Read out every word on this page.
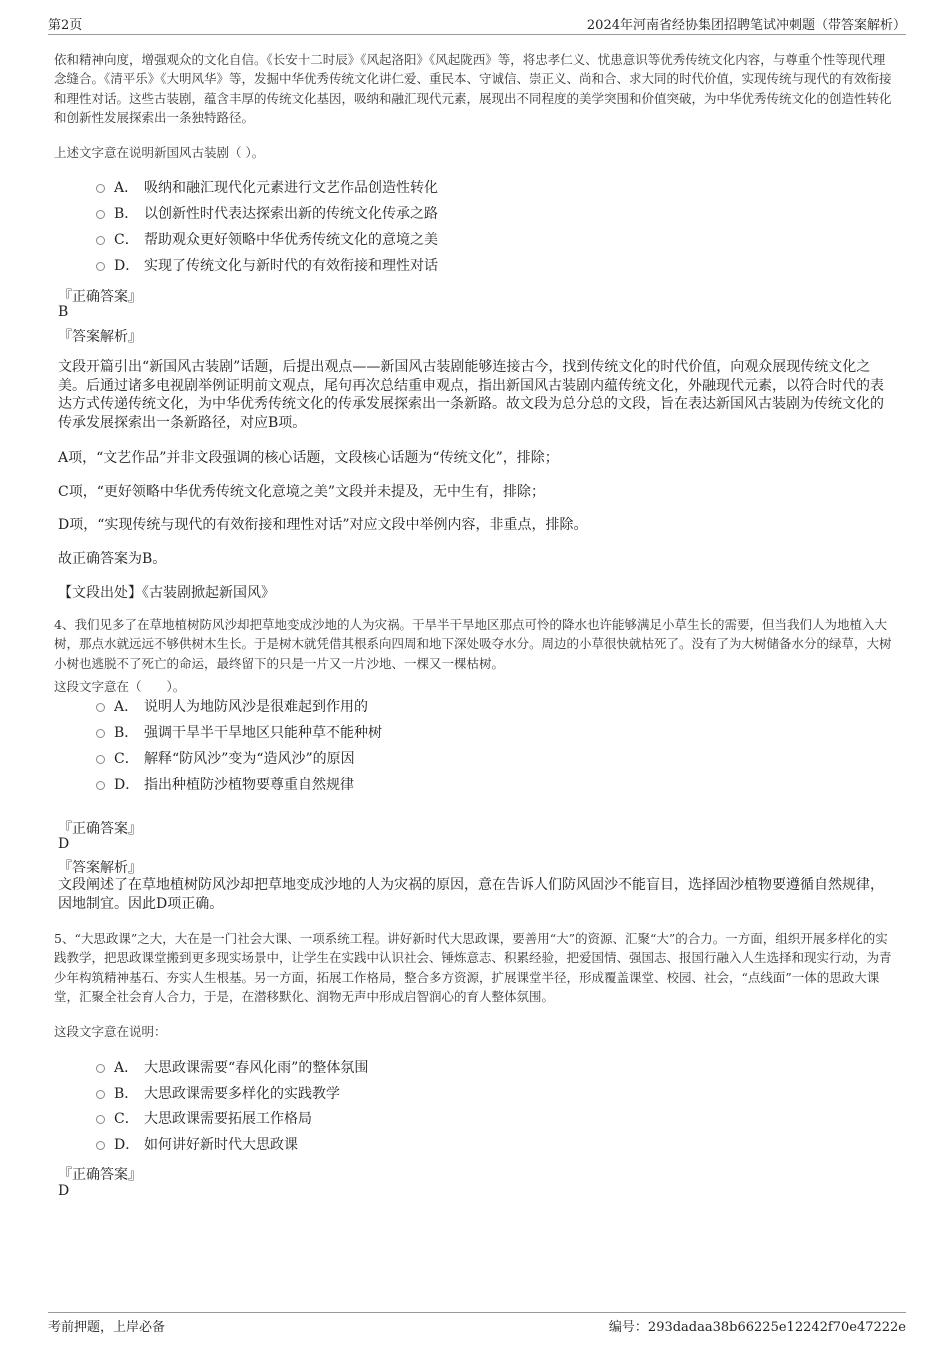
第2页	2024年河南省经协集团招聘笔试冲刺题（带答案解析）

依和精神向度，增强观众的文化自信。《长安十二时辰》《风起洛阳》《风起陇西》等，将忠孝仁义、忧患意识等优秀传统文化内容，与尊重个性等现代理念缝合。《清平乐》《大明风华》等，发掘中华优秀传统文化讲仁爱、重民本、守诚信、崇正义、尚和合、求大同的时代价值，实现传统与现代的有效衔接和理性对话。这些古装剧，蕴含丰厚的传统文化基因，吸纳和融汇现代元素，展现出不同程度的美学突围和价值突破，为中华优秀传统文化的创造性转化和创新性发展探索出一条独特路径。

上述文字意在说明新国风古装剧（ ）。

A． 吸纳和融汇现代化元素进行文艺作品创造性转化
B． 以创新性时代表达探索出新的传统文化传承之路
C． 帮助观众更好领略中华优秀传统文化的意境之美
D． 实现了传统文化与新时代的有效衔接和理性对话
『正确答案』
B
『答案解析』

文段开篇引出“新国风古装剧”话题，后提出观点——新国风古装剧能够连接古今，找到传统文化的时代价值，向观众展现传统文化之美。后通过诸多电视剧举例证明前文观点，尾句再次总结重申观点，指出新国风古装剧内蕴传统文化，外融现代元素，以符合时代的表达方式传递传统文化，为中华优秀传统文化的传承发展探索出一条新路。故文段为总分总的文段，旨在表达新国风古装剧为传统文化的传承发展探索出一条新路径，对应B项。

A项，“文艺作品”并非文段强调的核心话题，文段核心话题为“传统文化”，排除；
C项，“更好领略中华优秀传统文化意境之美”文段并未提及，无中生有，排除；
D项，“实现传统与现代的有效衔接和理性对话”对应文段中举例内容，非重点，排除。
故正确答案为B。
【文段出处】《古装剧掀起新国风》

4、我们见多了在草地植树防风沙却把草地变成沙地的人为灾祸。干旱半干旱地区那点可怜的降水也许能够满足小草生长的需要，但当我们人为地植入大树，那点水就远远不够供树木生长。于是树木就凭借其根系向四周和地下深处吸夺水分。周边的小草很快就枯死了。没有了为大树储备水分的绿草，大树小树也逃脱不了死亡的命运，最终留下的只是一片又一片沙地、一棵又一棵枯树。

这段文字意在（　　）。

A． 说明人为地防风沙是很难起到作用的
B． 强调干旱半干旱地区只能种草不能种树
C． 解释“防风沙”变为“造风沙”的原因
D． 指出种植防沙植物要尊重自然规律
『正确答案』
D
『答案解析』

文段阐述了在草地植树防风沙却把草地变成沙地的人为灾祸的原因，意在告诉人们防风固沙不能盲目，选择固沙植物要遵循自然规律，因地制宜。因此D项正确。

5、“大思政课”之大，大在是一门社会大课、一项系统工程。讲好新时代大思政课，要善用“大”的资源、汇聚“大”的合力。一方面，组织开展多样化的实践教学，把思政课堂搬到更多现实场景中，让学生在实践中认识社会、锤炼意志、积累经验，把爱国情、强国志、报国行融入人生选择和现实行动，为青少年构筑精神基石、夯实人生根基。另一方面，拓展工作格局，整合多方资源，扩展课堂半径，形成覆盖课堂、校园、社会，“点线面”一体的思政大课堂，汇聚全社会育人合力，于是，在潜移默化、润物无声中形成启智润心的育人整体氛围。

这段文字意在说明：

A． 大思政课需要“春风化雨”的整体氛围
B． 大思政课需要多样化的实践教学
C． 大思政课需要拓展工作格局
D． 如何讲好新时代大思政课
『正确答案』
D
考前押题，上岸必备	编号：293dadaa38b66225e12242f70e47222e
